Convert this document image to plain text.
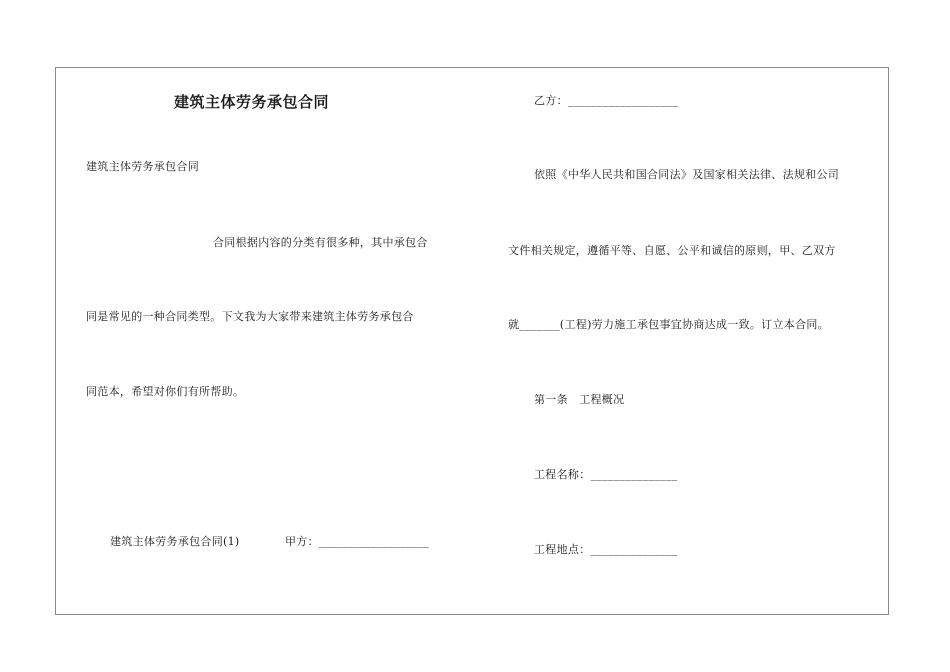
建筑主体劳务承包合同
建筑主体劳务承包合同
合同根据内容的分类有很多种，其中承包合
同是常见的一种合同类型。下文我为大家带来建筑主体劳务承包合
同范本，希望对你们有所帮助。
建筑主体劳务承包合同(1)	甲方：___________________
乙方：___________________
依照《中华人民共和国合同法》及国家相关法律、法规和公司
文件相关规定，遵循平等、自愿、公平和诚信的原则，甲、乙双方
就_______(工程)劳力施工承包事宜协商达成一致。订立本合同。
第一条　工程概况
工程名称：_______________
工程地点：_______________
